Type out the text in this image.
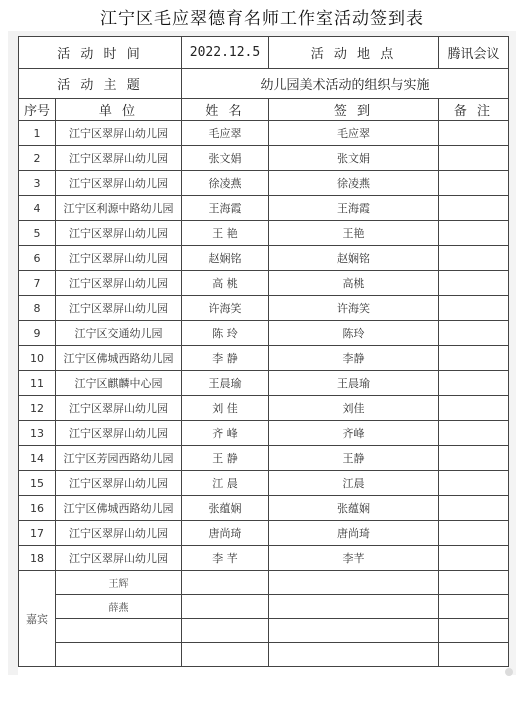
江宁区毛应翠德育名师工作室活动签到表
活 动 时 间		2022.12.5	活 动 地 点	腾讯会议
活 动 主 题		幼儿园美术活动的组织与实施		
序号	单 位	姓 名	签 到	备 注
1	江宁区翠屏山幼儿园	毛应翠	毛应翠	
2	江宁区翠屏山幼儿园	张文娟	张文娟	
3	江宁区翠屏山幼儿园	徐凌燕	徐凌燕	
4	江宁区利源中路幼儿园	王海霞	王海霞	
5	江宁区翠屏山幼儿园	王 艳	王艳	
6	江宁区翠屏山幼儿园	赵娴铭	赵娴铭	
7	江宁区翠屏山幼儿园	高 桃	高桃	
8	江宁区翠屏山幼儿园	许海笑	许海笑	
9	江宁区交通幼儿园	陈 玲	陈玲	
10	江宁区佛城西路幼儿园	李 静	李静	
11	江宁区麒麟中心园	王晨瑜	王晨瑜	
12	江宁区翠屏山幼儿园	刘 佳	刘佳	
13	江宁区翠屏山幼儿园	齐 峰	齐峰	
14	江宁区芳园西路幼儿园	王 静	王静	
15	江宁区翠屏山幼儿园	江 晨	江晨	
16	江宁区佛城西路幼儿园	张蕴娴	张蕴娴	
17	江宁区翠屏山幼儿园	唐尚琦	唐尚琦	
18	江宁区翠屏山幼儿园	李 芊	李芊	
嘉宾	王辉			
	薛燕			
